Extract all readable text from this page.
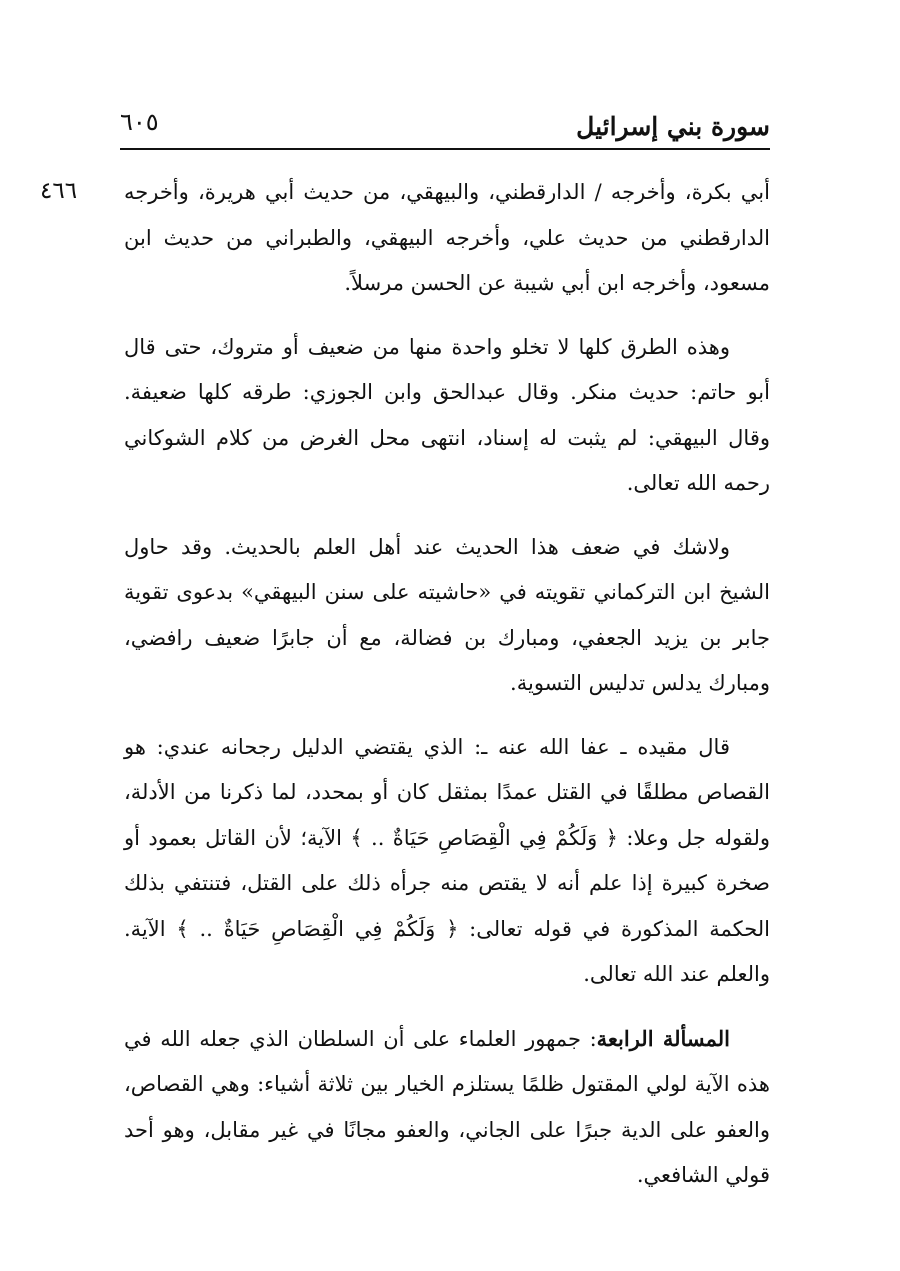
سورة بني إسرائيل
٦٠٥
٤٦٦ أبي بكرة، وأخرجه / الدارقطني، والبيهقي، من حديث أبي هريرة، وأخرجه الدارقطني من حديث علي، وأخرجه البيهقي، والطبراني من حديث ابن مسعود، وأخرجه ابن أبي شيبة عن الحسن مرسلاً.

وهذه الطرق كلها لا تخلو واحدة منها من ضعيف أو متروك، حتى قال أبو حاتم: حديث منكر. وقال عبدالحق وابن الجوزي: طرقه كلها ضعيفة. وقال البيهقي: لم يثبت له إسناد، انتهى محل الغرض من كلام الشوكاني رحمه الله تعالى.

ولاشك في ضعف هذا الحديث عند أهل العلم بالحديث. وقد حاول الشيخ ابن التركماني تقويته في «حاشيته على سنن البيهقي» بدعوى تقوية جابر بن يزيد الجعفي، ومبارك بن فضالة، مع أن جابرًا ضعيف رافضي، ومبارك يدلس تدليس التسوية.

قال مقيده ـ عفا الله عنه ـ: الذي يقتضي الدليل رجحانه عندي: هو القصاص مطلقًا في القتل عمدًا بمثقل كان أو بمحدد، لما ذكرنا من الأدلة، ولقوله جل وعلا: ﴿ وَلَكُمْ فِي الْقِصَاصِ حَيَاةٌ .. ﴾ الآية؛ لأن القاتل بعمود أو صخرة كبيرة إذا علم أنه لا يقتص منه جرأه ذلك على القتل، فتنتفي بذلك الحكمة المذكورة في قوله تعالى: ﴿ وَلَكُمْ فِي الْقِصَاصِ حَيَاةٌ .. ﴾ الآية. والعلم عند الله تعالى.

المسألة الرابعة: جمهور العلماء على أن السلطان الذي جعله الله في هذه الآية لولي المقتول ظلمًا يستلزم الخيار بين ثلاثة أشياء: وهي القصاص، والعفو على الدية جبرًا على الجاني، والعفو مجانًا في غير مقابل، وهو أحد قولي الشافعي.
